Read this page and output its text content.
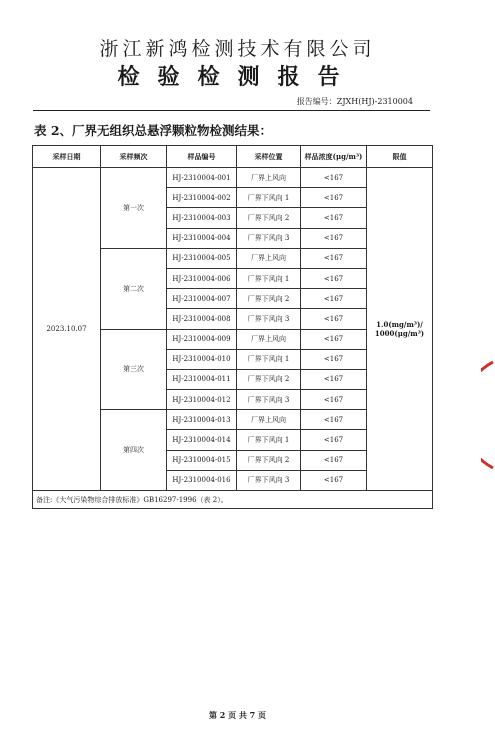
浙江新鸿检测技术有限公司
检验检测报告
报告编号：ZJXH(HJ)-2310004
表 2、厂界无组织总悬浮颗粒物检测结果：
采样日期	采样频次	样品编号	采样位置	样品浓度(μg/m³)	限值
2023.10.07	第一次	HJ-2310004-001	厂界上风向	<167	1.0(mg/m³)/
1000(μg/m³)
		HJ-2310004-002	厂界下风向 1	<167	
		HJ-2310004-003	厂界下风向 2	<167	
		HJ-2310004-004	厂界下风向 3	<167	
	第二次	HJ-2310004-005	厂界上风向	<167	
		HJ-2310004-006	厂界下风向 1	<167	
		HJ-2310004-007	厂界下风向 2	<167	
		HJ-2310004-008	厂界下风向 3	<167	
	第三次	HJ-2310004-009	厂界上风向	<167	
		HJ-2310004-010	厂界下风向 1	<167	
		HJ-2310004-011	厂界下风向 2	<167	
		HJ-2310004-012	厂界下风向 3	<167	
	第四次	HJ-2310004-013	厂界上风向	<167	
		HJ-2310004-014	厂界下风向 1	<167	
		HJ-2310004-015	厂界下风向 2	<167	
		HJ-2310004-016	厂界下风向 3	<167	
备注:《大气污染物综合排放标准》GB16297-1996（表 2）。					
第 2 页 共 7 页
